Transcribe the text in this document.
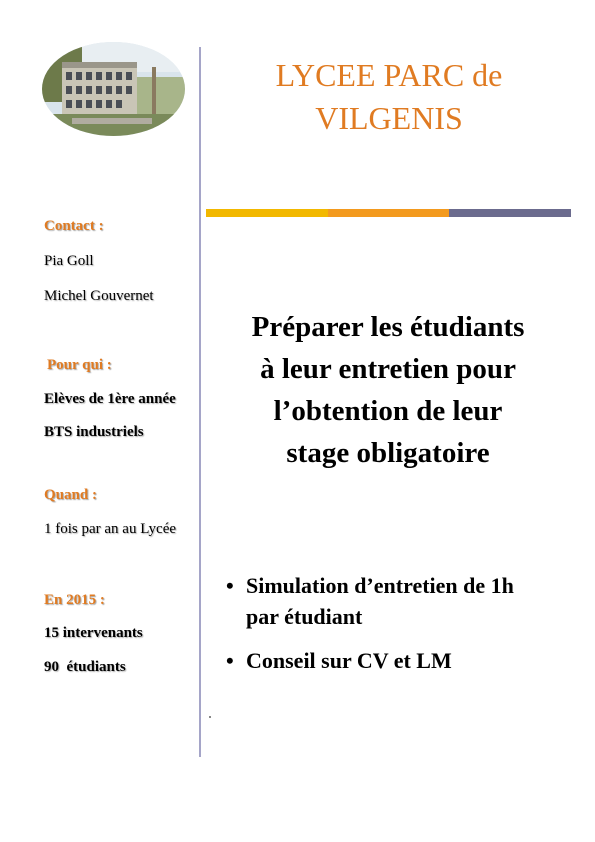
LYCEE PARC de
VILGENIS
Contact :
Pia Goll
Michel Gouvernet
Pour qui :
Elèves de 1ère année
BTS industriels
Quand :
1 fois par an au Lycée
En 2015 :
15 intervenants
90  étudiants
Préparer les étudiants
à leur entretien pour
l’obtention de leur
stage obligatoire
• Simulation d’entretien de 1h
par étudiant
• Conseil sur CV et LM
